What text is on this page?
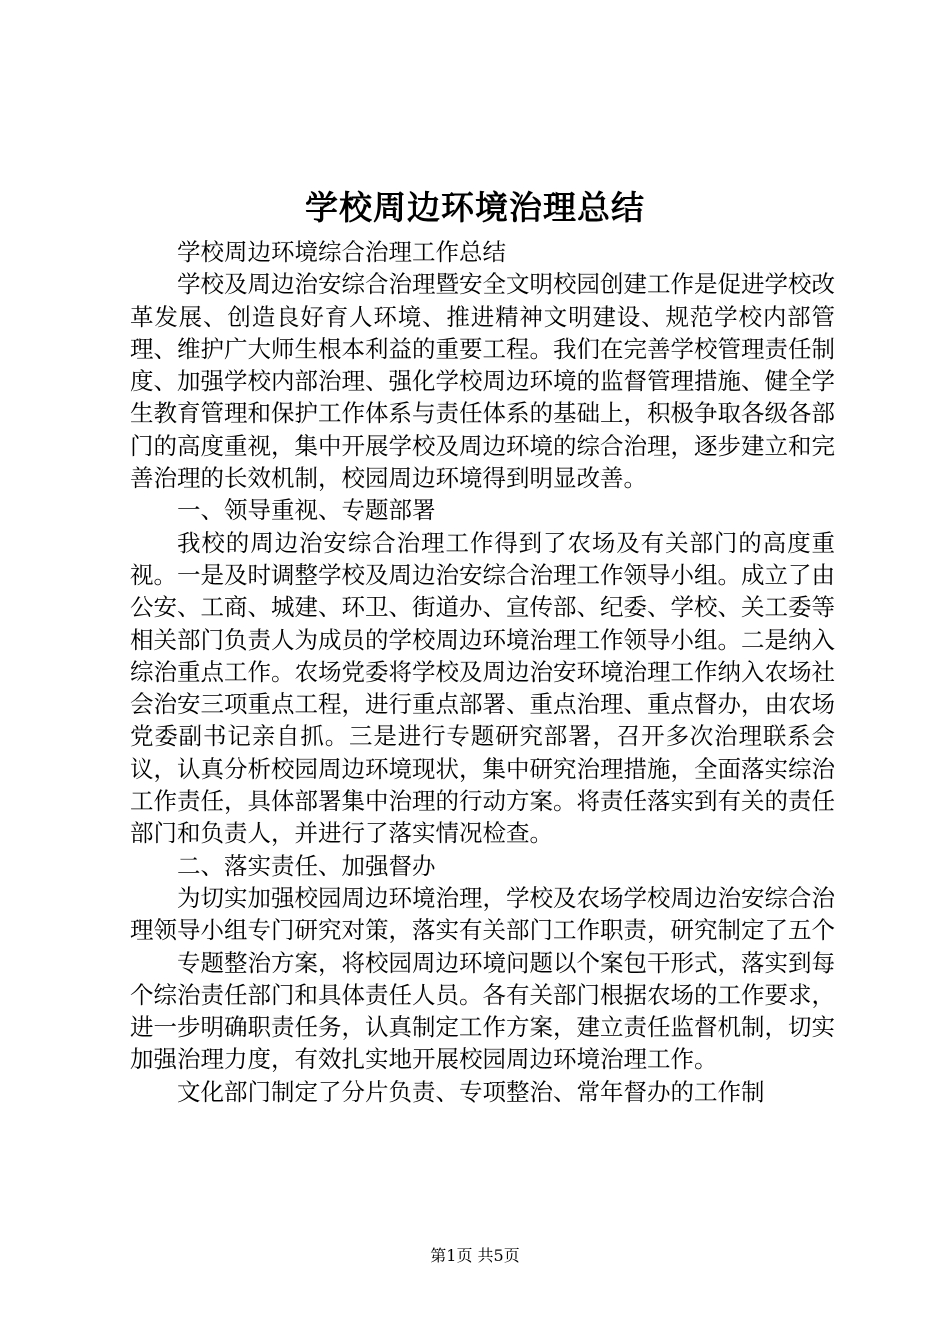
学校周边环境治理总结

学校周边环境综合治理工作总结

学校及周边治安综合治理暨安全文明校园创建工作是促进学校改革发展、创造良好育人环境、推进精神文明建设、规范学校内部管理、维护广大师生根本利益的重要工程。我们在完善学校管理责任制度、加强学校内部治理、强化学校周边环境的监督管理措施、健全学生教育管理和保护工作体系与责任体系的基础上，积极争取各级各部门的高度重视，集中开展学校及周边环境的综合治理，逐步建立和完善治理的长效机制，校园周边环境得到明显改善。

一、领导重视、专题部署

我校的周边治安综合治理工作得到了农场及有关部门的高度重视。一是及时调整学校及周边治安综合治理工作领导小组。成立了由公安、工商、城建、环卫、街道办、宣传部、纪委、学校、关工委等相关部门负责人为成员的学校周边环境治理工作领导小组。二是纳入综治重点工作。农场党委将学校及周边治安环境治理工作纳入农场社会治安三项重点工程，进行重点部署、重点治理、重点督办，由农场党委副书记亲自抓。三是进行专题研究部署，召开多次治理联系会议，认真分析校园周边环境现状，集中研究治理措施，全面落实综治工作责任，具体部署集中治理的行动方案。将责任落实到有关的责任部门和负责人，并进行了落实情况检查。

二、落实责任、加强督办

为切实加强校园周边环境治理，学校及农场学校周边治安综合治理领导小组专门研究对策，落实有关部门工作职责，研究制定了五个

专题整治方案，将校园周边环境问题以个案包干形式，落实到每个综治责任部门和具体责任人员。各有关部门根据农场的工作要求，进一步明确职责任务，认真制定工作方案，建立责任监督机制，切实加强治理力度，有效扎实地开展校园周边环境治理工作。

文化部门制定了分片负责、专项整治、常年督办的工作制

第1页 共5页
